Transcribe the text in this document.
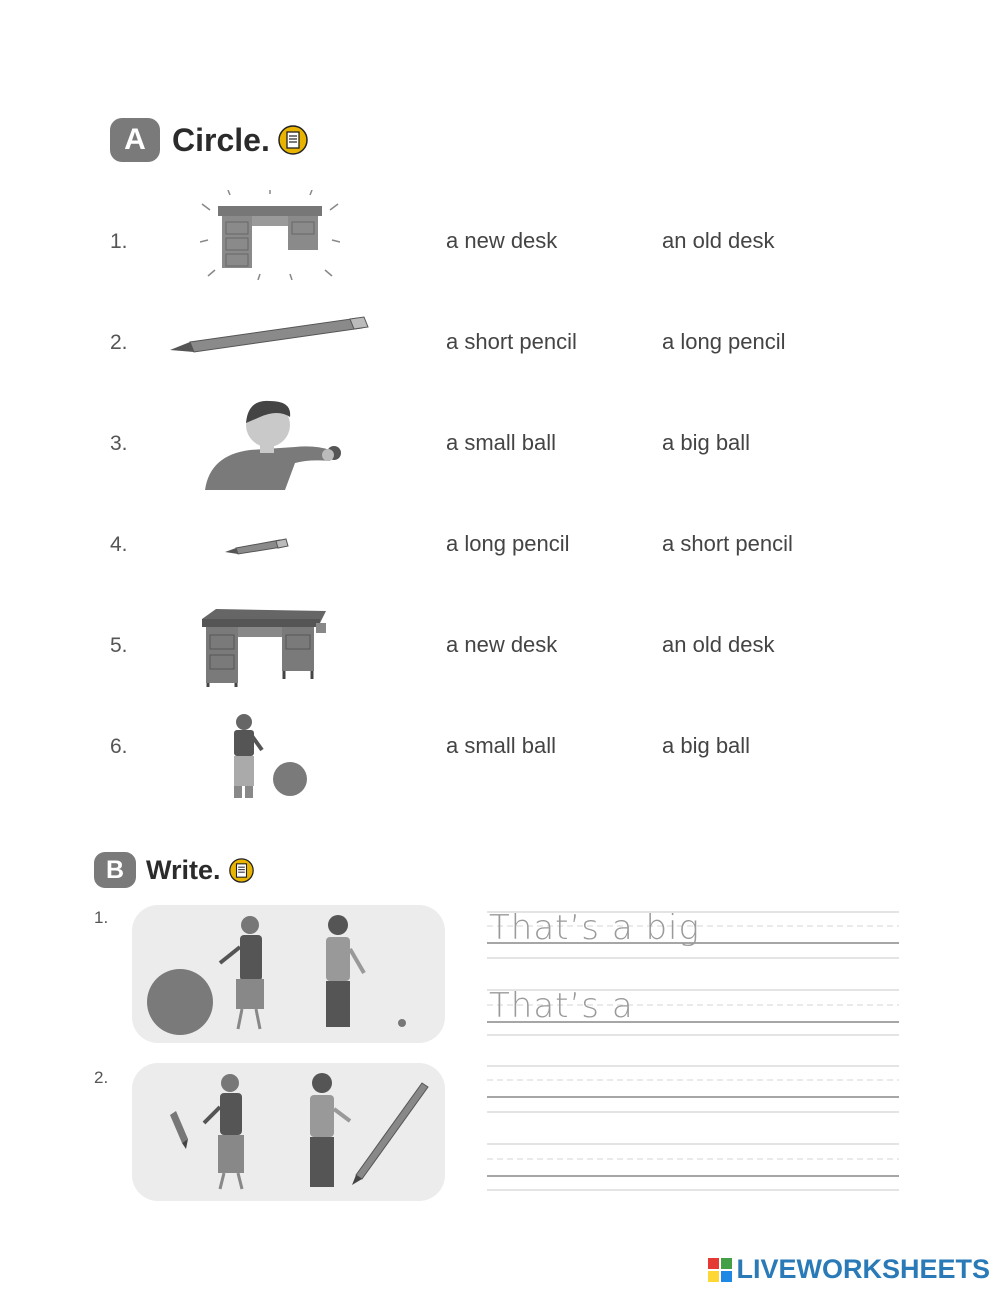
A Circle.
1.	a new desk	an old desk
2.	a short pencil	a long pencil
3.	a small ball	a big ball
4.	a long pencil	a short pencil
5.	a new desk	an old desk
6.	a small ball	a big ball
B Write.
1.	That’s a big
That’s a
2.
LIVEWORKSHEETS
